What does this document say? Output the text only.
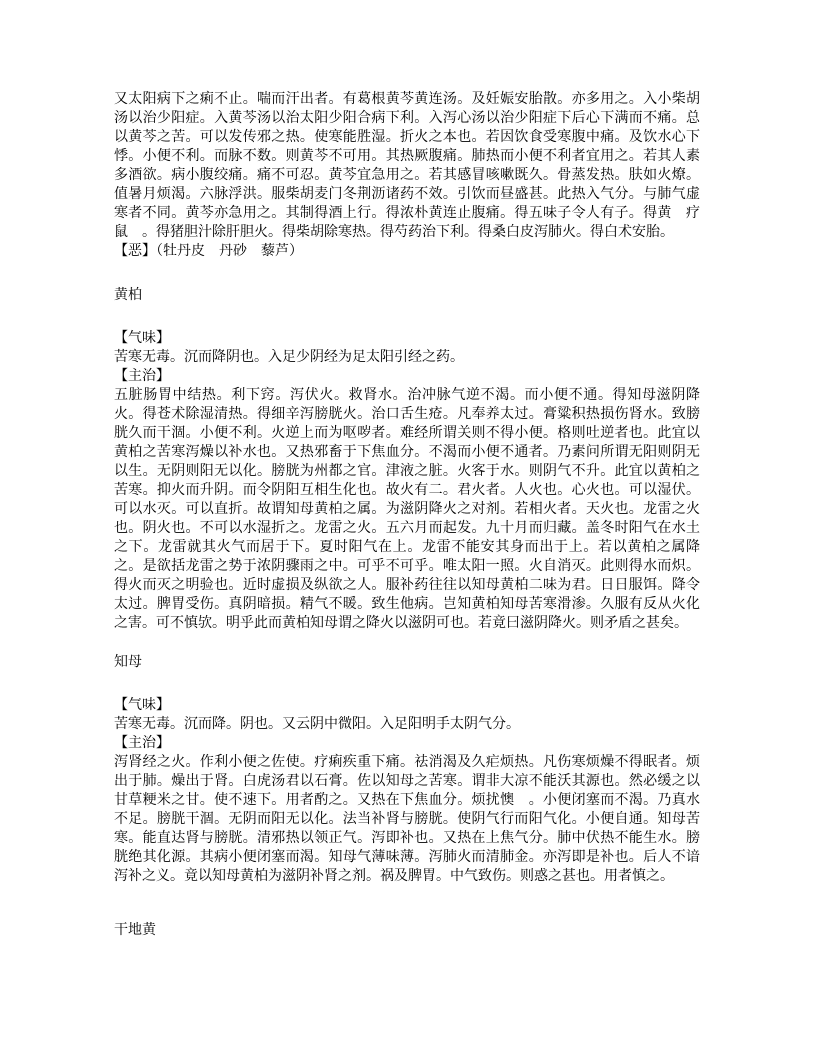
又太阳病下之痢不止。喘而汗出者。有葛根黄芩黄连汤。及妊娠安胎散。亦多用之。入小柴胡汤以治少阳症。入黄芩汤以治太阳少阳合病下利。入泻心汤以治少阳症下后心下满而不痛。总以黄芩之苦。可以发传邪之热。使寒能胜湿。折火之本也。若因饮食受寒腹中痛。及饮水心下悸。小便不利。而脉不数。则黄芩不可用。其热厥腹痛。肺热而小便不利者宜用之。若其人素多酒欲。病小腹绞痛。痛不可忍。黄芩宜急用之。若其感冒咳嗽既久。骨蒸发热。肤如火燎。值暑月烦渴。六脉浮洪。服柴胡麦门冬荆沥诸药不效。引饮而昼盛甚。此热入气分。与肺气虚寒者不同。黄芩亦急用之。其制得酒上行。得浓朴黄连止腹痛。得五味子令人有子。得黄　疗鼠　。得猪胆汁除肝胆火。得柴胡除寒热。得芍药治下利。得桑白皮泻肺火。得白术安胎。

【恶】（牡丹皮　丹砂　藜芦）

黄柏

【气味】

苦寒无毒。沉而降阴也。入足少阴经为足太阳引经之药。

【主治】

五脏肠胃中结热。利下窍。泻伏火。救肾水。治冲脉气逆不渴。而小便不通。得知母滋阴降火。得苍术除湿清热。得细辛泻膀胱火。治口舌生疮。凡奉养太过。膏粱积热损伤肾水。致膀胱久而干涸。小便不利。火逆上而为呕哕者。难经所谓关则不得小便。格则吐逆者也。此宜以黄柏之苦寒泻燥以补水也。又热邪畜于下焦血分。不渴而小便不通者。乃素问所谓无阳则阴无以生。无阴则阳无以化。膀胱为州都之官。津液之脏。火客于水。则阴气不升。此宜以黄柏之苦寒。抑火而升阴。而令阴阳互相生化也。故火有二。君火者。人火也。心火也。可以湿伏。可以水灭。可以直折。故谓知母黄柏之属。为滋阴降火之对剂。若相火者。天火也。龙雷之火也。阴火也。不可以水湿折之。龙雷之火。五六月而起发。九十月而归藏。盖冬时阳气在水土之下。龙雷就其火气而居于下。夏时阳气在上。龙雷不能安其身而出于上。若以黄柏之属降之。是欲括龙雷之势于浓阴骤雨之中。可乎不可乎。唯太阳一照。火自消灭。此则得水而炽。得火而灭之明验也。近时虚损及纵欲之人。服补药往往以知母黄柏二味为君。日日服饵。降令太过。脾胃受伤。真阴暗损。精气不暖。致生他病。岂知黄柏知母苦寒滑渗。久服有反从火化之害。可不慎欤。明乎此而黄柏知母谓之降火以滋阴可也。若竟曰滋阴降火。则矛盾之甚矣。

知母

【气味】

苦寒无毒。沉而降。阴也。又云阴中微阳。入足阳明手太阴气分。

【主治】

泻肾经之火。作利小便之佐使。疗痢疾重下痛。祛消渴及久疟烦热。凡伤寒烦燥不得眠者。烦出于肺。燥出于肾。白虎汤君以石膏。佐以知母之苦寒。谓非大凉不能沃其源也。然必缓之以甘草粳米之甘。使不速下。用者酌之。又热在下焦血分。烦扰懊　。小便闭塞而不渴。乃真水不足。膀胱干涸。无阴而阳无以化。法当补肾与膀胱。使阴气行而阳气化。小便自通。知母苦寒。能直达肾与膀胱。清邪热以领正气。泻即补也。又热在上焦气分。肺中伏热不能生水。膀胱绝其化源。其病小便闭塞而渴。知母气薄味薄。泻肺火而清肺金。亦泻即是补也。后人不谙泻补之义。竟以知母黄柏为滋阴补肾之剂。祸及脾胃。中气致伤。则惑之甚也。用者慎之。

干地黄
